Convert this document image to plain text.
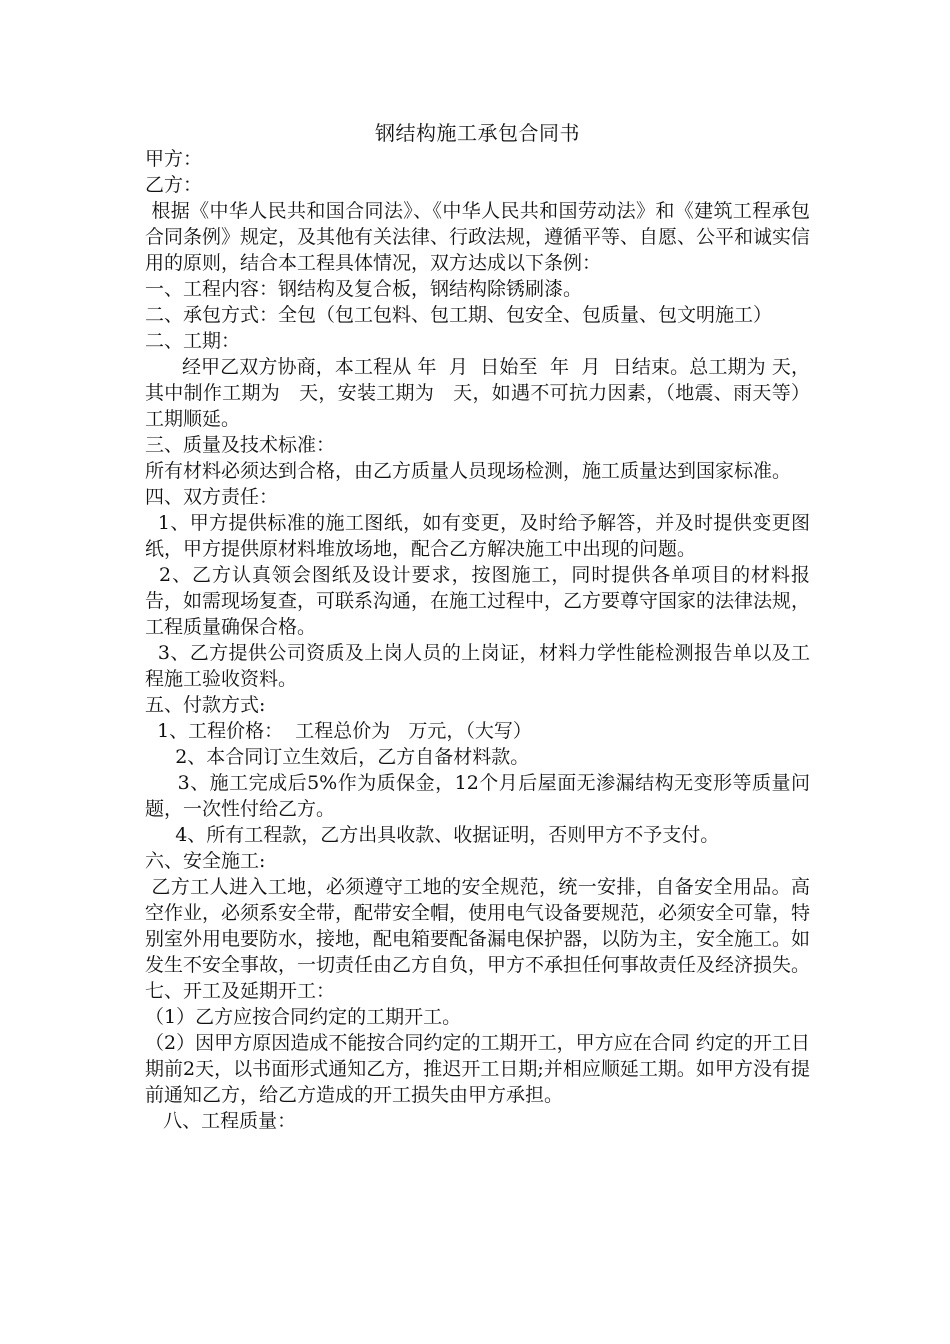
钢结构施工承包合同书
甲方：
乙方：
根据《中华人民共和国合同法》、《中华人民共和国劳动法》和《建筑工程承包合同条例》规定，及其他有关法律、行政法规，遵循平等、自愿、公平和诚实信用的原则，结合本工程具体情况，双方达成以下条例：
一、工程内容：钢结构及复合板，钢结构除锈刷漆。
二、承包方式：全包（包工包料、包工期、包安全、包质量、包文明施工）
二、工期：
经甲乙双方协商，本工程从 年  月  日始至  年  月  日结束。总工期为 天，其中制作工期为   天，安装工期为   天，如遇不可抗力因素，（地震、雨天等）工期顺延。
三、质量及技术标准：
所有材料必须达到合格，由乙方质量人员现场检测，施工质量达到国家标准。
四、双方责任：
1、甲方提供标准的施工图纸，如有变更，及时给予解答，并及时提供变更图纸，甲方提供原材料堆放场地，配合乙方解决施工中出现的问题。
2、乙方认真领会图纸及设计要求，按图施工，同时提供各单项目的材料报告，如需现场复查，可联系沟通，在施工过程中，乙方要尊守国家的法律法规，工程质量确保合格。
3、乙方提供公司资质及上岗人员的上岗证，材料力学性能检测报告单以及工程施工验收资料。
五、付款方式:
1、工程价格：  工程总价为   万元，（大写）
2、本合同订立生效后，乙方自备材料款。
3、施工完成后5%作为质保金，12个月后屋面无渗漏结构无变形等质量问题，一次性付给乙方。
4、所有工程款，乙方出具收款、收据证明，否则甲方不予支付。
六、安全施工:
乙方工人进入工地，必须遵守工地的安全规范，统一安排，自备安全用品。高空作业，必须系安全带，配带安全帽，使用电气设备要规范，必须安全可靠，特别室外用电要防水，接地，配电箱要配备漏电保护器，以防为主，安全施工。如发生不安全事故，一切责任由乙方自负，甲方不承担任何事故责任及经济损失。
七、开工及延期开工：
（1）乙方应按合同约定的工期开工。
（2）因甲方原因造成不能按合同约定的工期开工，甲方应在合同 约定的开工日期前2天，以书面形式通知乙方，推迟开工日期;并相应顺延工期。如甲方没有提前通知乙方，给乙方造成的开工损失由甲方承担。
八、工程质量：
